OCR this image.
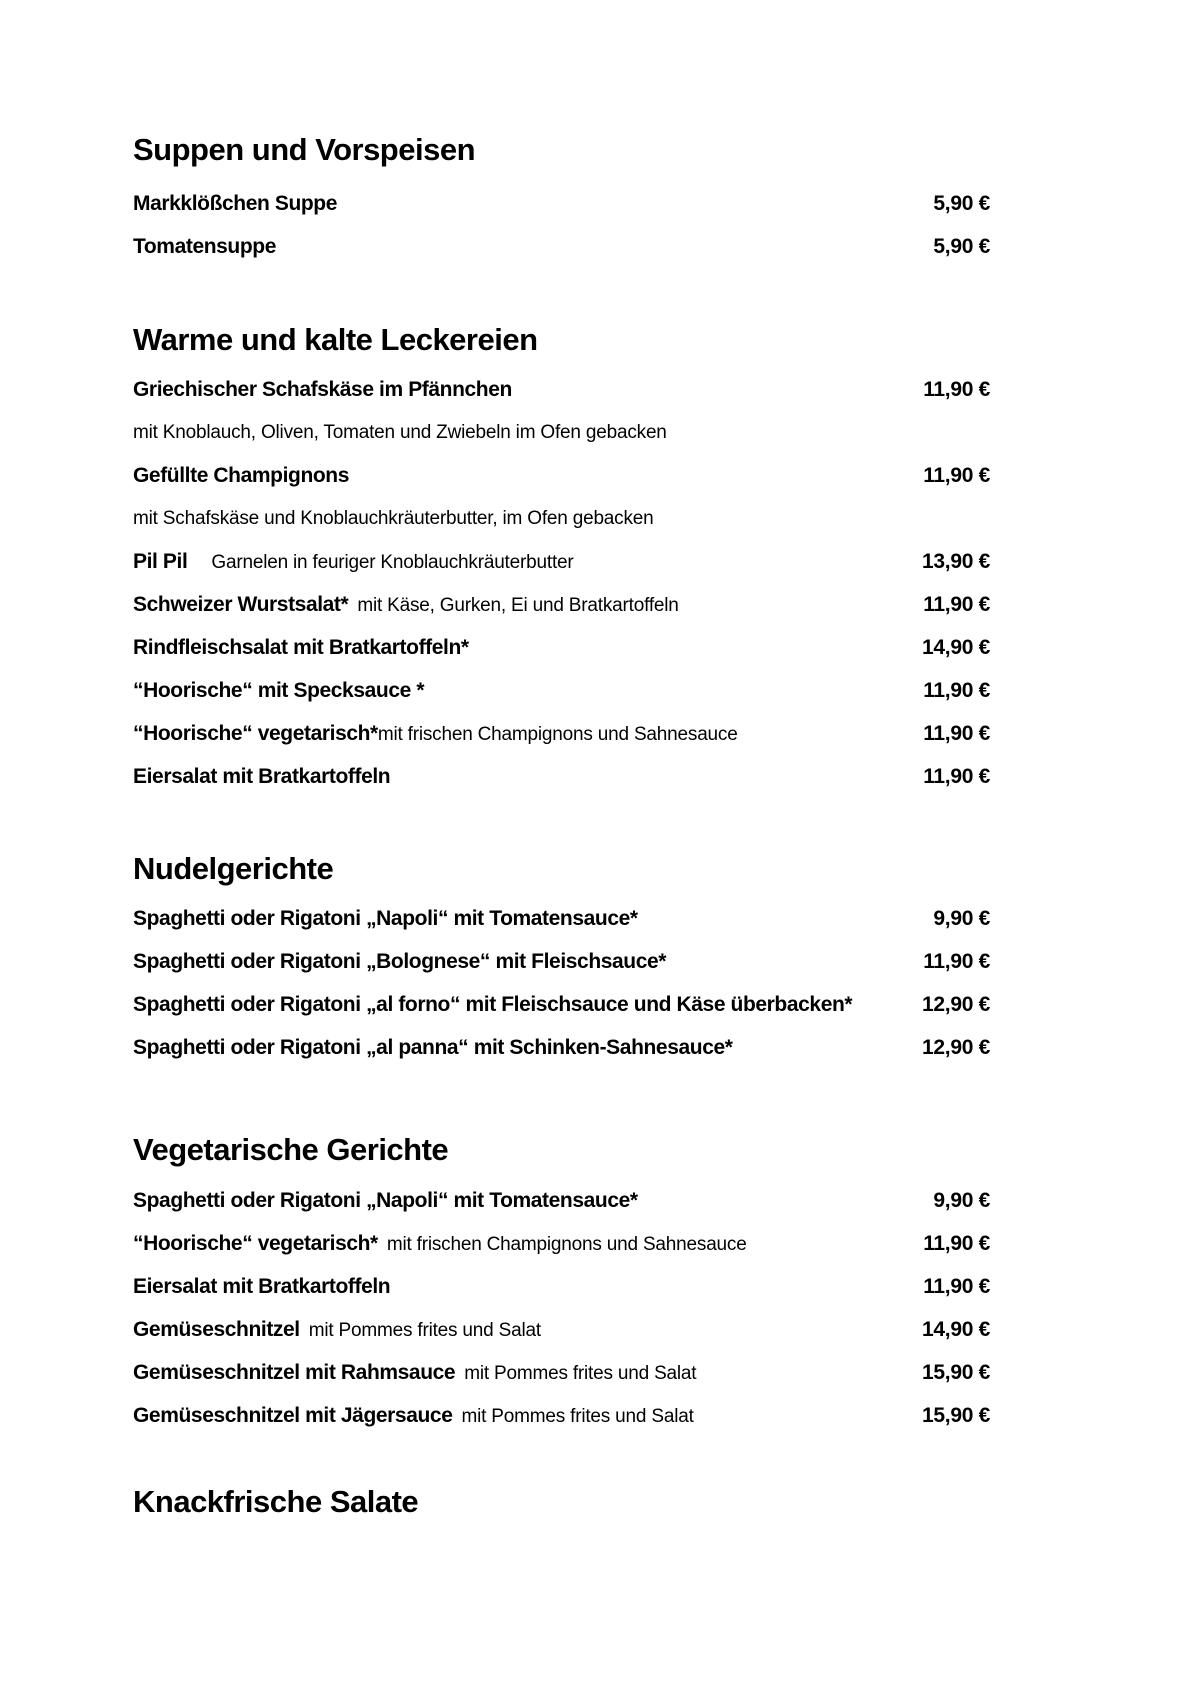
Suppen und Vorspeisen
Markklößchen Suppe	5,90 €
Tomatensuppe	5,90 €
Warme und kalte Leckereien
Griechischer Schafskäse im Pfännchen	11,90 €
mit Knoblauch, Oliven, Tomaten und Zwiebeln im Ofen gebacken
Gefüllte Champignons	11,90 €
mit Schafskäse und Knoblauchkräuterbutter, im Ofen gebacken
Pil Pil Garnelen in feuriger Knoblauchkräuterbutter	13,90 €
Schweizer Wurstsalat* mit Käse, Gurken, Ei und Bratkartoffeln	11,90 €
Rindfleischsalat mit Bratkartoffeln*	14,90 €
“Hoorische“ mit Specksauce *	11,90 €
“Hoorische“ vegetarisch*mit frischen Champignons und Sahnesauce	11,90 €
Eiersalat mit Bratkartoffeln	11,90 €
Nudelgerichte
Spaghetti oder Rigatoni „Napoli“ mit Tomatensauce*	9,90 €
Spaghetti oder Rigatoni „Bolognese“ mit Fleischsauce*	11,90 €
Spaghetti oder Rigatoni „al forno“ mit Fleischsauce und Käse überbacken*	12,90 €
Spaghetti oder Rigatoni „al panna“ mit Schinken-Sahnesauce*	12,90 €
Vegetarische Gerichte
Spaghetti oder Rigatoni „Napoli“ mit Tomatensauce*	9,90 €
“Hoorische“ vegetarisch* mit frischen Champignons und Sahnesauce	11,90 €
Eiersalat mit Bratkartoffeln	11,90 €
Gemüseschnitzel mit Pommes frites und Salat	14,90 €
Gemüseschnitzel mit Rahmsauce mit Pommes frites und Salat	15,90 €
Gemüseschnitzel mit Jägersauce mit Pommes frites und Salat	15,90 €
Knackfrische Salate
